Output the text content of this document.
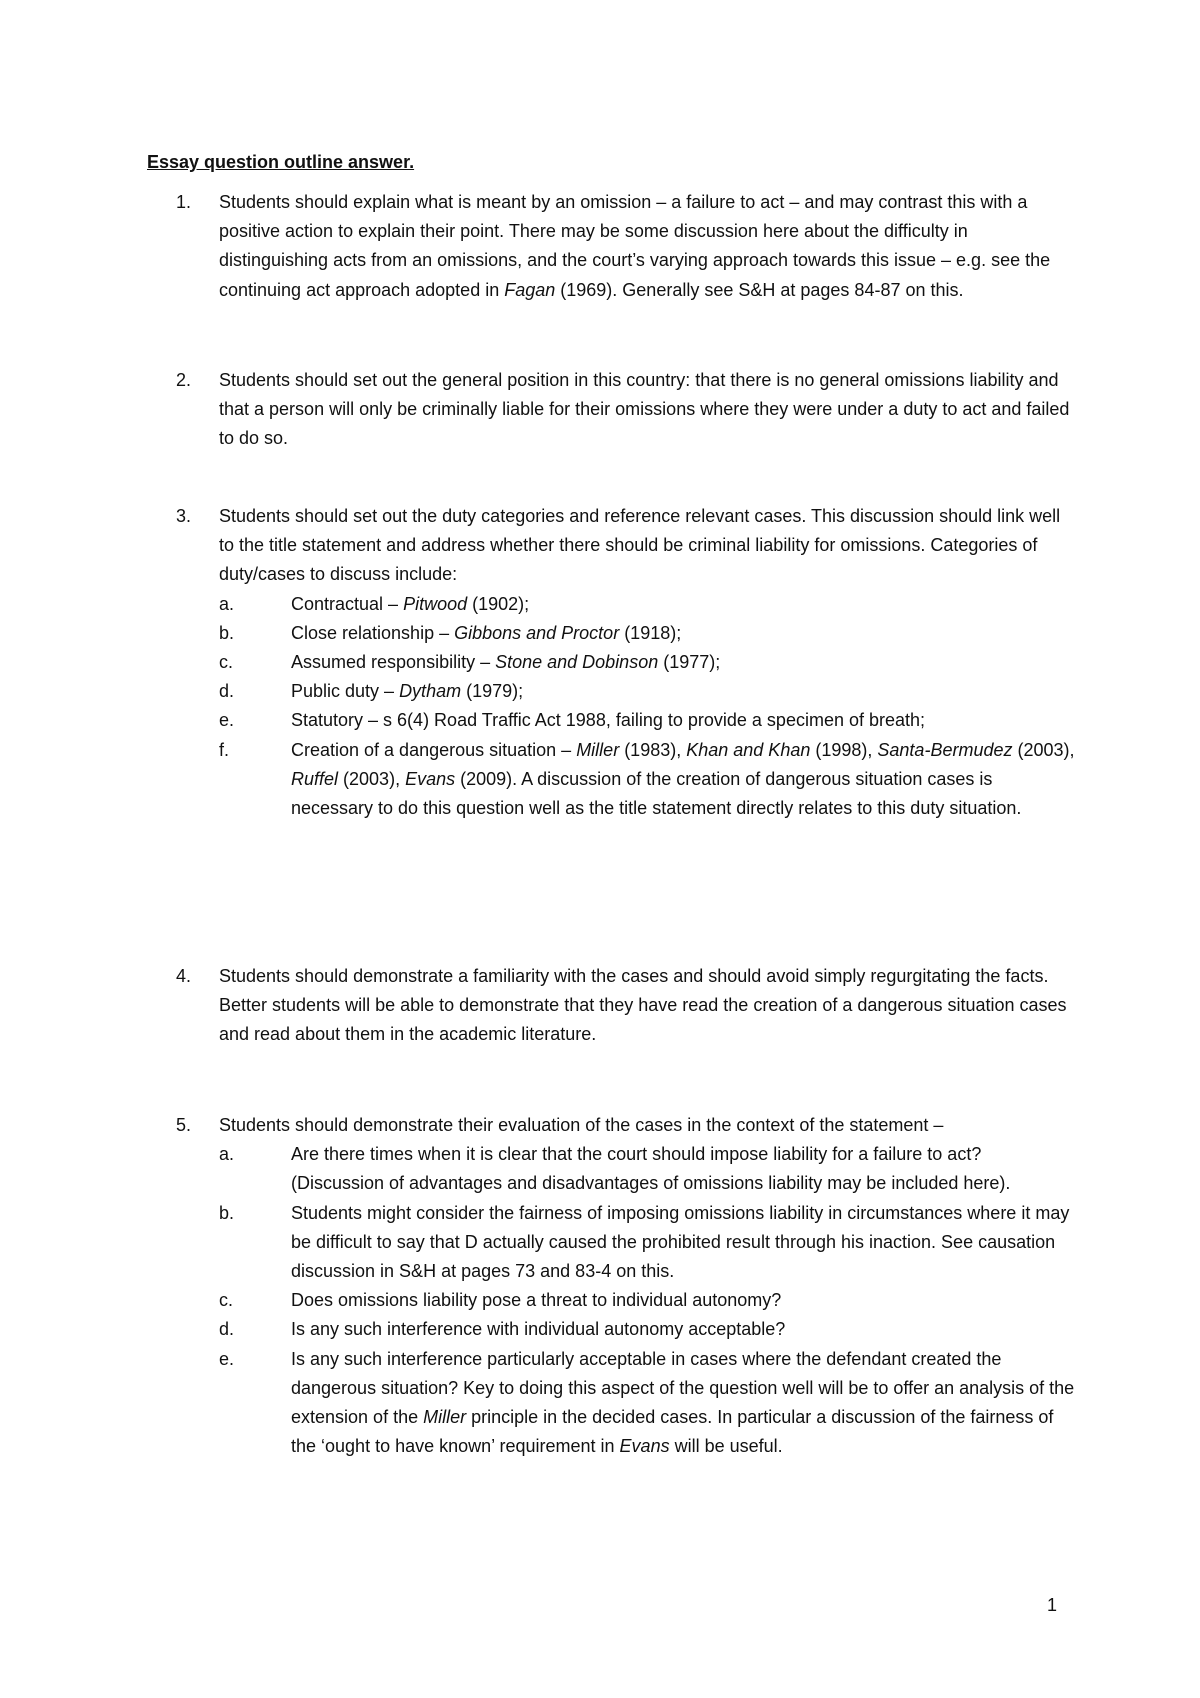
Essay question outline answer.
1. Students should explain what is meant by an omission – a failure to act – and may contrast this with a positive action to explain their point. There may be some discussion here about the difficulty in distinguishing acts from an omissions, and the court’s varying approach towards this issue – e.g. see the continuing act approach adopted in Fagan (1969). Generally see S&H at pages 84-87 on this.
2. Students should set out the general position in this country: that there is no general omissions liability and that a person will only be criminally liable for their omissions where they were under a duty to act and failed to do so.
3. Students should set out the duty categories and reference relevant cases. This discussion should link well to the title statement and address whether there should be criminal liability for omissions. Categories of duty/cases to discuss include:
a.	Contractual – Pitwood (1902);
b.	Close relationship – Gibbons and Proctor (1918);
c.	Assumed responsibility – Stone and Dobinson (1977);
d.	Public duty – Dytham (1979);
e.	Statutory – s 6(4) Road Traffic Act 1988, failing to provide a specimen of breath;
f.	Creation of a dangerous situation – Miller (1983), Khan and Khan (1998), Santa-Bermudez (2003), Ruffel (2003), Evans (2009). A discussion of the creation of dangerous situation cases is necessary to do this question well as the title statement directly relates to this duty situation.
4. Students should demonstrate a familiarity with the cases and should avoid simply regurgitating the facts. Better students will be able to demonstrate that they have read the creation of a dangerous situation cases and read about them in the academic literature.
5. Students should demonstrate their evaluation of the cases in the context of the statement –
a.	Are there times when it is clear that the court should impose liability for a failure to act? (Discussion of advantages and disadvantages of omissions liability may be included here).
b.	Students might consider the fairness of imposing omissions liability in circumstances where it may be difficult to say that D actually caused the prohibited result through his inaction. See causation discussion in S&H at pages 73 and 83-4 on this.
c.	Does omissions liability pose a threat to individual autonomy?
d.	Is any such interference with individual autonomy acceptable?
e.	Is any such interference particularly acceptable in cases where the defendant created the dangerous situation? Key to doing this aspect of the question well will be to offer an analysis of the extension of the Miller principle in the decided cases. In particular a discussion of the fairness of the ‘ought to have known’ requirement in Evans will be useful.
1
